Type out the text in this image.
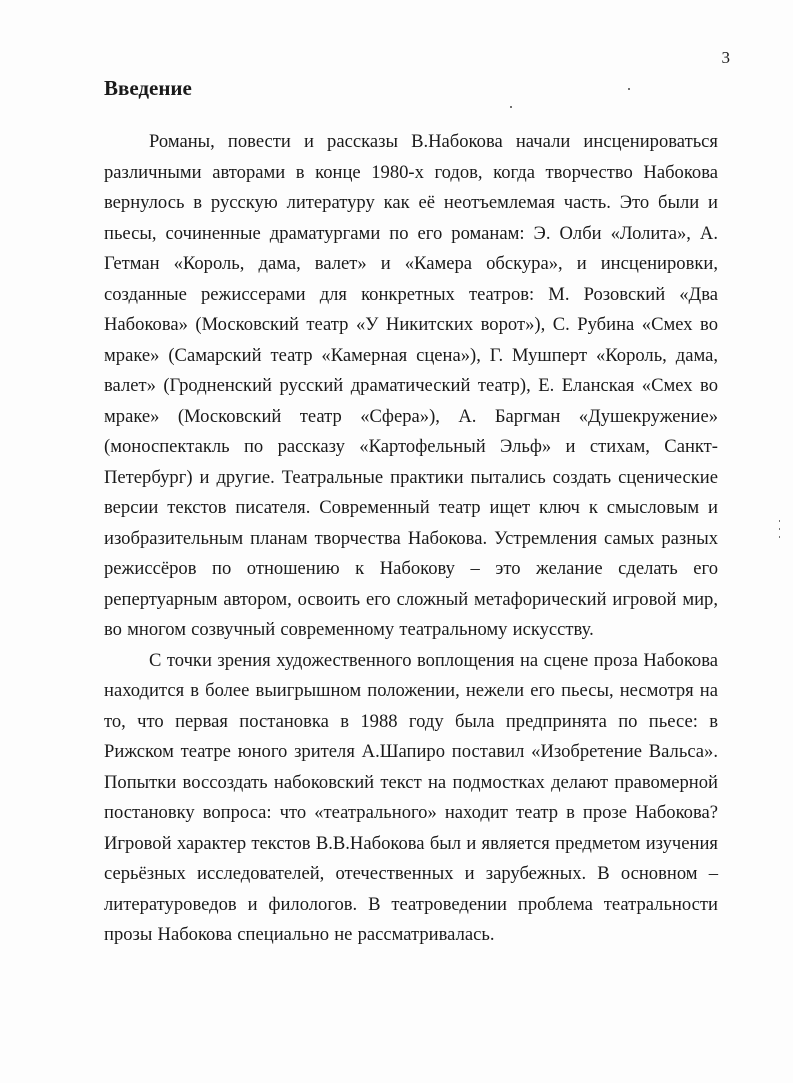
3
Введение

Романы, повести и рассказы В.Набокова начали инсценироваться различными авторами в конце 1980-х годов, когда творчество Набокова вернулось в русскую литературу как её неотъемлемая часть. Это были и пьесы, сочиненные драматургами по его романам: Э. Олби «Лолита», А. Гетман «Король, дама, валет» и «Камера обскура», и инсценировки, созданные режиссерами для конкретных театров: М. Розовский «Два Набокова» (Московский театр «У Никитских ворот»), С. Рубина «Смех во мраке» (Самарский театр «Камерная сцена»), Г. Мушперт «Король, дама, валет» (Гродненский русский драматический театр), Е. Еланская «Смех во мраке» (Московский театр «Сфера»), А. Баргман «Душекружение» (моноспектакль по рассказу «Картофельный Эльф» и стихам, Санкт-Петербург) и другие. Театральные практики пытались создать сценические версии текстов писателя. Современный театр ищет ключ к смысловым и изобразительным планам творчества Набокова. Устремления самых разных режиссёров по отношению к Набокову – это желание сделать его репертуарным автором, освоить его сложный метафорический игровой мир, во многом созвучный современному театральному искусству.

С точки зрения художественного воплощения на сцене проза Набокова находится в более выигрышном положении, нежели его пьесы, несмотря на то, что первая постановка в 1988 году была предпринята по пьесе: в Рижском театре юного зрителя А.Шапиро поставил «Изобретение Вальса». Попытки воссоздать набоковский текст на подмостках делают правомерной постановку вопроса: что «театрального» находит театр в прозе Набокова? Игровой характер текстов В.В.Набокова был и является предметом изучения серьёзных исследователей, отечественных и зарубежных. В основном – литературоведов и филологов. В театроведении проблема театральности прозы Набокова специально не рассматривалась.
